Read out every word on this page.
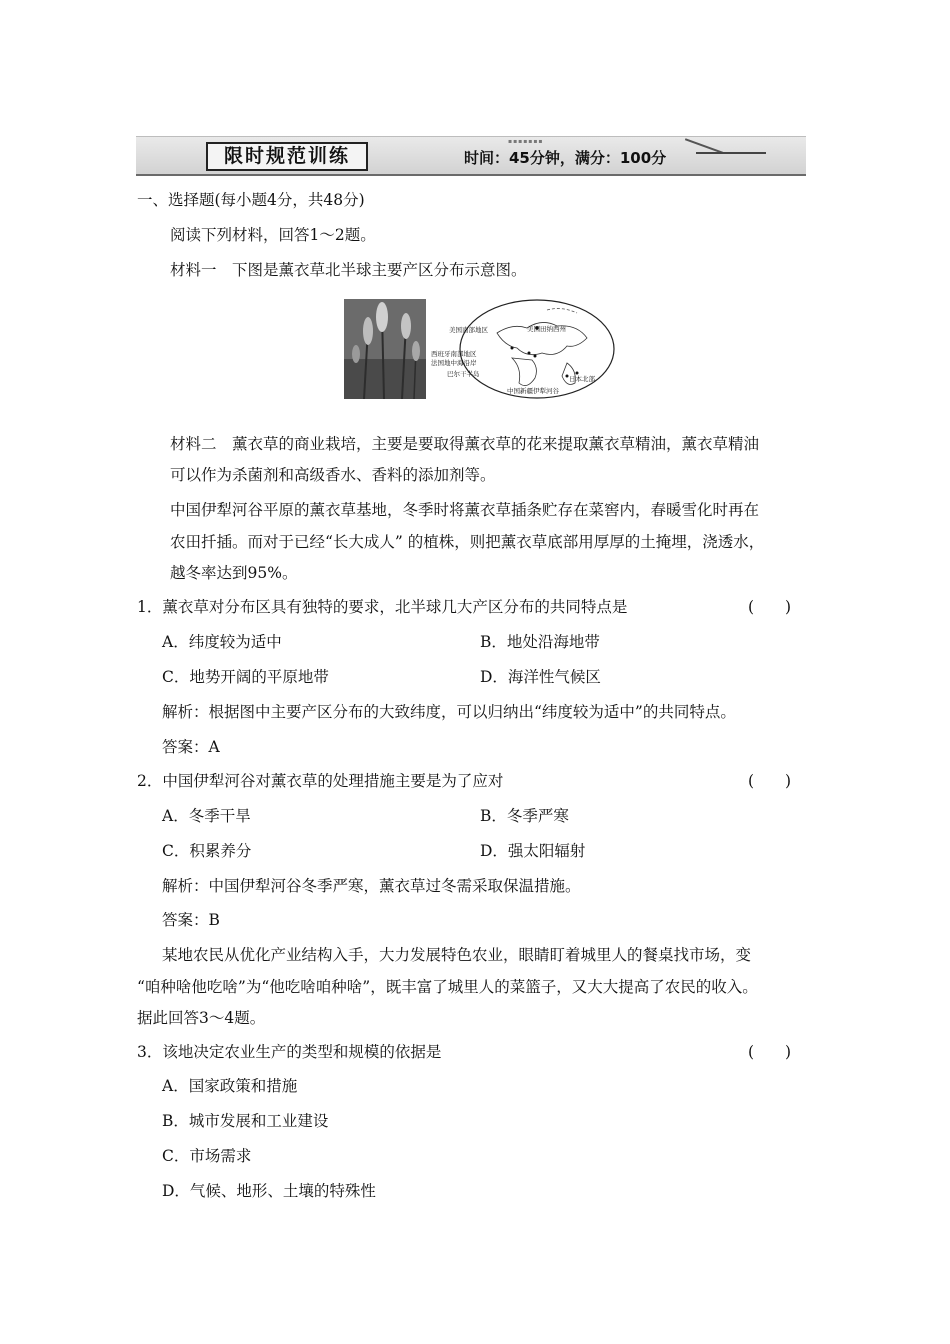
▪▪▪▪▪▪▪
限时规范训练	时间：45分钟，满分：100分
一、选择题(每小题4分，共48分)
阅读下列材料，回答1～2题。
材料一　下图是薰衣草北半球主要产区分布示意图。
美国南部地区	美国田纳西州
西班牙南部地区
法国地中海沿岸
巴尔干半岛
日本北部
中国新疆伊犁河谷
材料二　薰衣草的商业栽培，主要是要取得薰衣草的花来提取薰衣草精油，薰衣草精油
可以作为杀菌剂和高级香水、香料的添加剂等。
中国伊犁河谷平原的薰衣草基地，冬季时将薰衣草插条贮存在菜窖内，春暖雪化时再在
农田扦插。而对于已经“长大成人” 的植株，则把薰衣草底部用厚厚的土掩埋，浇透水，
越冬率达到95%。
1．薰衣草对分布区具有独特的要求，北半球几大产区分布的共同特点是	(　　)
A．纬度较为适中	B．地处沿海地带
C．地势开阔的平原地带	D．海洋性气候区
解析：根据图中主要产区分布的大致纬度，可以归纳出“纬度较为适中”的共同特点。
答案：A
2．中国伊犁河谷对薰衣草的处理措施主要是为了应对	(　　)
A．冬季干旱	B．冬季严寒
C．积累养分	D．强太阳辐射
解析：中国伊犁河谷冬季严寒，薰衣草过冬需采取保温措施。
答案：B
某地农民从优化产业结构入手，大力发展特色农业，眼睛盯着城里人的餐桌找市场，变
“咱种啥他吃啥”为“他吃啥咱种啥”，既丰富了城里人的菜篮子，又大大提高了农民的收入。
据此回答3～4题。
3．该地决定农业生产的类型和规模的依据是	(　　)
A．国家政策和措施
B．城市发展和工业建设
C．市场需求
D．气候、地形、土壤的特殊性
